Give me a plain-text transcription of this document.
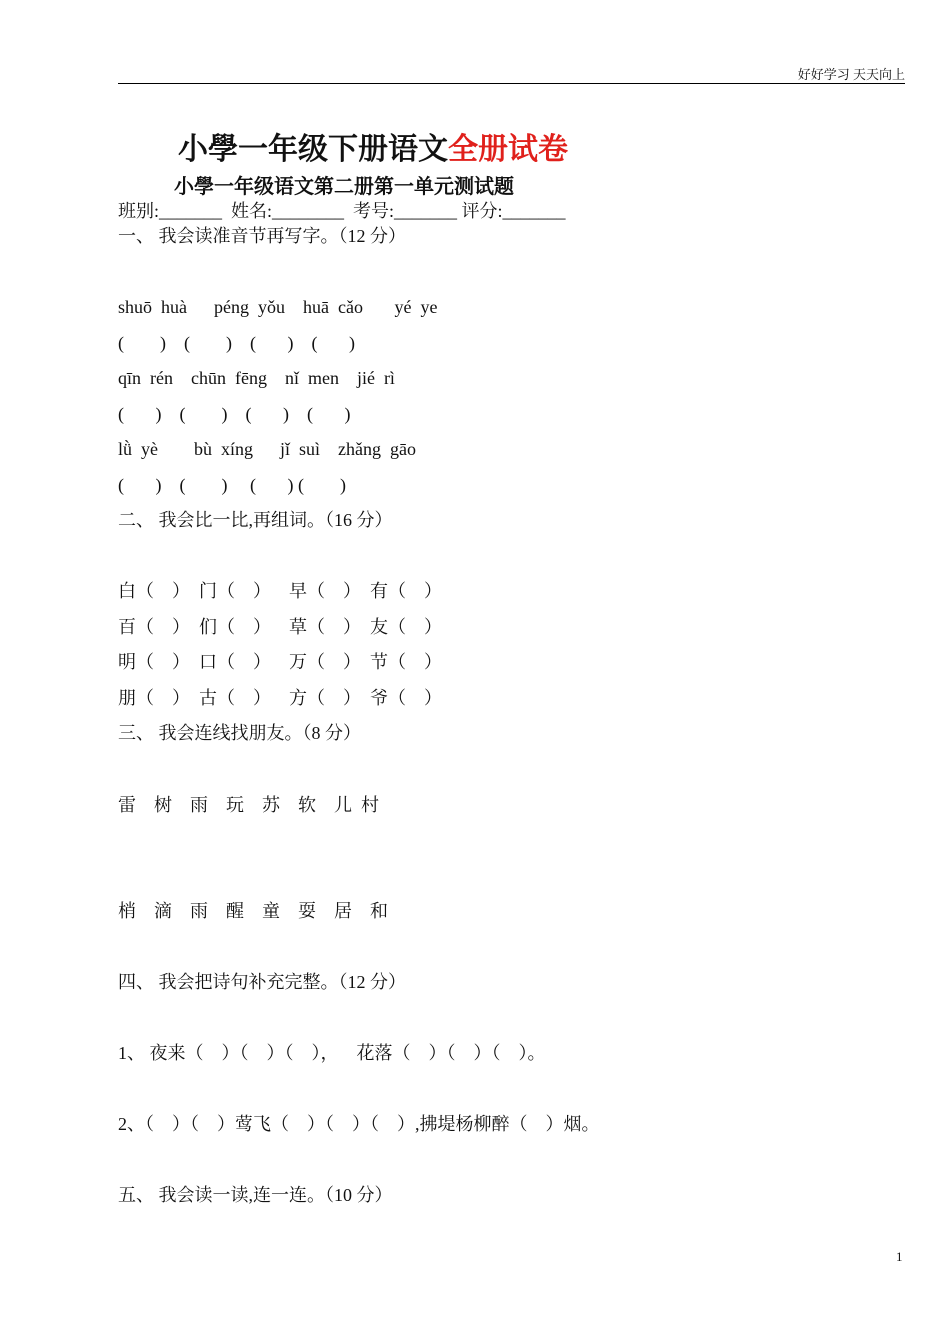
好好学习 天天向上
小學一年级下册语文全册试卷
小學一年级语文第二册第一单元测试题
班别:_______  姓名:________  考号:_______ 评分:_______
一、 我会读准音节再写字。（12 分）
shuō  huà      péng  yǒu    huā  cǎo       yé  ye
(        )    (        )    (       )    (       )
qīn  rén    chūn  fēng    nǐ  men    jié  rì
(       )    (        )    (       )    (       )
lǜ  yè        bù  xíng      jǐ  suì    zhǎng  gāo
(       )    (        )     (       ) (        )
二、 我会比一比,再组词。（16 分）
白（    ）  门（    ）    早（    ）  有（    ）
百（    ）  们（    ）    草（    ）  友（    ）
明（    ）  口（    ）    万（    ）  节（    ）
朋（    ）  古（    ）    方（    ）  爷（    ）
三、 我会连线找朋友。（8 分）
雷    树    雨    玩    苏    软    儿  村
梢    滴    雨    醒    童    耍    居    和
四、 我会把诗句补充完整。（12 分）
1、 夜来（    ）（    ）（    ），    花落（    ）（    ）（    ）。
2、（    ）（    ）莺飞（    ）（    ）（    ）,拂堤杨柳醉（    ）烟。
五、 我会读一读,连一连。（10 分）
1
